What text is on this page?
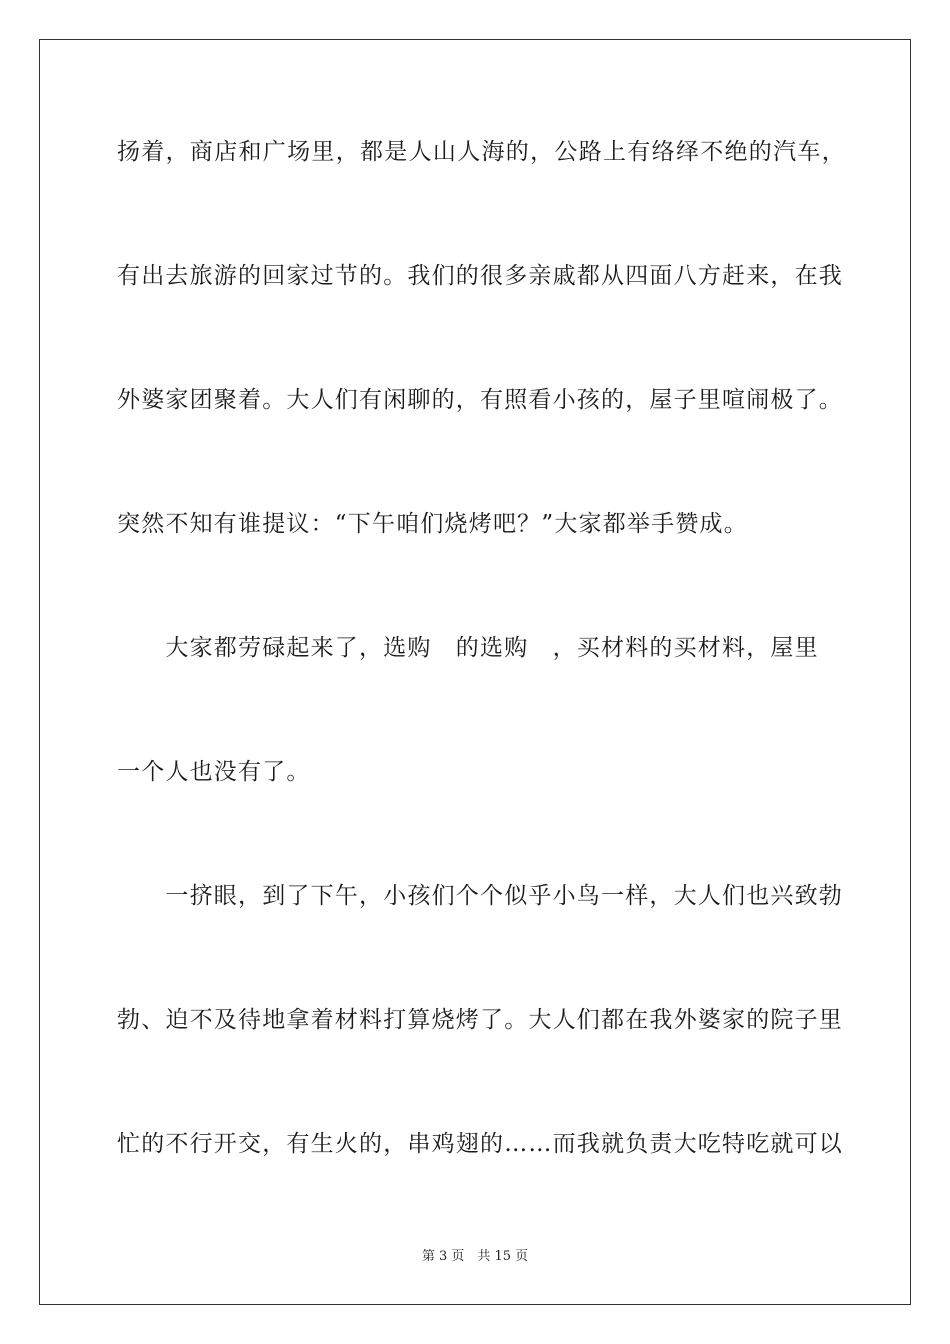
扬着，商店和广场里，都是人山人海的，公路上有络绎不绝的汽车，
有出去旅游的回家过节的。我们的很多亲戚都从四面八方赶来，在我
外婆家团聚着。大人们有闲聊的，有照看小孩的，屋子里喧闹极了。
突然不知有谁提议：“下午咱们烧烤吧？”大家都举手赞成。
　　大家都劳碌起来了，选购　的选购　，买材料的买材料，屋里
一个人也没有了。
　　一挤眼，到了下午，小孩们个个似乎小鸟一样，大人们也兴致勃
勃、迫不及待地拿着材料打算烧烤了。大人们都在我外婆家的院子里
忙的不行开交，有生火的，串鸡翅的……而我就负责大吃特吃就可以
第 3 页　共 15 页
